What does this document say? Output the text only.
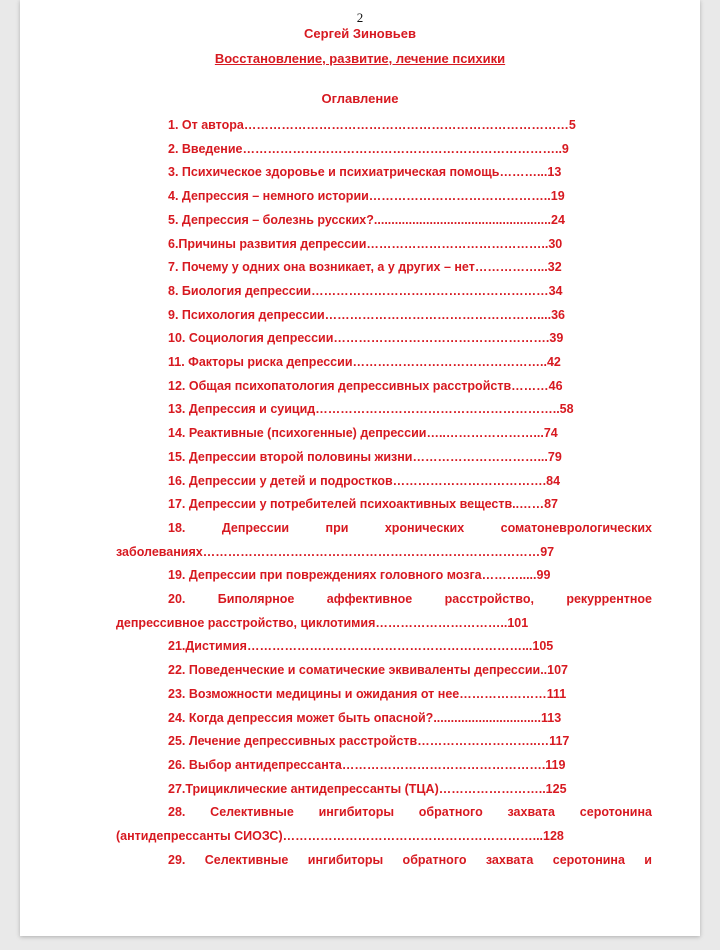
2
Сергей Зиновьев
Восстановление, развитие, лечение психики
Оглавление
1. От автора……………………………………………………………………5
2. Введение…………………………………………………………………..9
3. Психическое здоровье и психиатрическая помощь………...13
4. Депрессия – немного истории……………………………………..19
5. Депрессия – болезнь русских?...................................................24
6.Причины развития депрессии……………………………………..30
7. Почему у одних она возникает, а у других – нет……………...32
8. Биология депрессии…………………………………………………34
9. Психология депрессии……………………………………………....36
10. Социология депрессии…………………………………………….39
11. Факторы риска депрессии………………………………………..42
12. Общая психопатология депрессивных расстройств………46
13. Депрессия и суицид…………………………………………………..58
14. Реактивные (психогенные) депрессии…..…………………...74
15. Депрессии второй половины жизни…………………………...79
16. Депрессии у детей и подростков……………………………….84
17. Депрессии у потребителей психоактивных веществ..……87
18. Депрессии при хронических соматоневрологических
заболеваниях………………………………………………………………………97
19. Депрессии при повреждениях головного мозга……….....99
20. Биполярное аффективное расстройство, рекуррентное
депрессивное расстройство, циклотимия…………………………..101
21.Дистимия…………………………………………………………...105
22. Поведенческие и соматические эквиваленты депрессии..107
23. Возможности медицины и ожидания от нее…………………111
24. Когда депрессия может быть опасной?...............................113
25. Лечение депрессивных расстройств………………………..…117
26. Выбор антидепрессанта………………………………………….119
27.Трициклические антидепрессанты (ТЦА)……………………..125
28. Селективные ингибиторы обратного захвата серотонина
(антидепрессанты СИОЗС)……………………………………………………...128
29. Селективные ингибиторы обратного захвата серотонина и
